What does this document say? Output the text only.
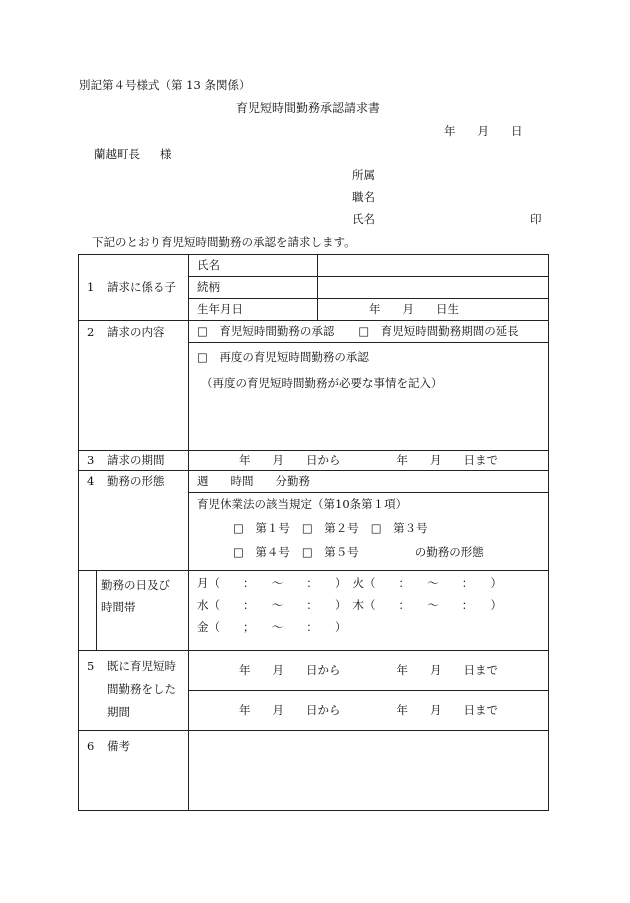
別記第４号様式（第 13 条関係）
育児短時間勤務承認請求書
年 月 日
蘭越町長 様
所属
職名
氏名	印
下記のとおり育児短時間勤務の承認を請求します。
1 請求に係る子		氏名	
		続柄	
		生年月日	年 月 日生
2 請求の内容		□　育児短時間勤務の承認 □　育児短時間勤務期間の延長	

		□　再度の育児短時間勤務の承認
（再度の育児短時間勤務が必要な事情を記入）	

3 請求の期間		年 月 日から 年 月 日まで	
4 勤務の形態		週 時間 分勤務	

		育児休業法の該当規定（第10条第１項）
□　第１号 □　第２号 □　第３号
□　第４号 □　第５号 の勤務の形態	

	勤務の日及び
時間帯	月（　　：　　～　　：　　） 火（　　：　　～　　：　　）
水（　　：　　～　　：　　） 木（　　：　　～　　：　　）
金（　　；　　～　　：　　）	

5 既に育児短時
間勤務をした
期間		年 月 日から 年 月 日まで	
		年 月 日から 年 月 日まで	
6 備考			
